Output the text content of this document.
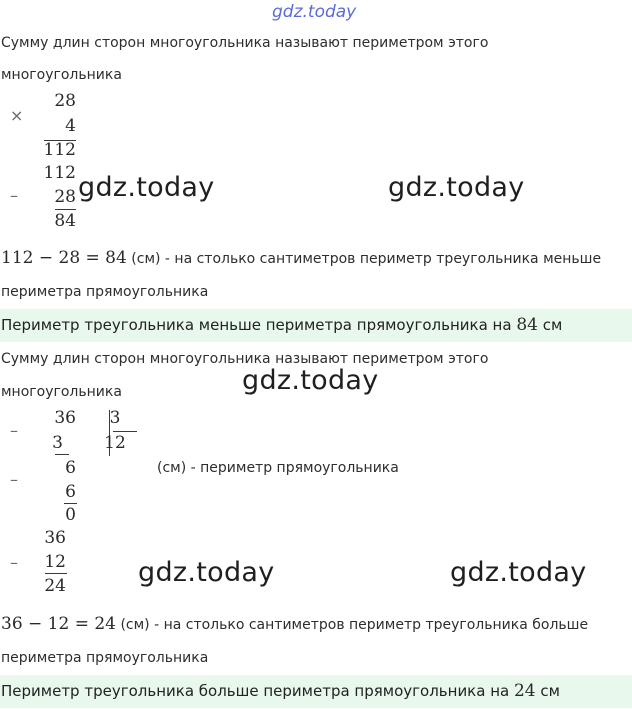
gdz.today
Сумму длин сторон многоугольника называют периметром этого
многоугольника
×
28
4
112
–
112
28
84
gdz.today	gdz.today
112 − 28 = 84 (см) - на столько сантиметров периметр треугольника меньше
периметра прямоугольника
Периметр треугольника меньше периметра прямоугольника на 84 см
Сумму длин сторон многоугольника называют периметром этого
многоугольника	gdz.today
–
36
3
3
12
–
6
6
0
(см) - периметр прямоугольника
–
36
12
24	gdz.today	gdz.today
36 − 12 = 24 (см) - на столько сантиметров периметр треугольника больше
периметра прямоугольника
Периметр треугольника больше периметра прямоугольника на 24 см
